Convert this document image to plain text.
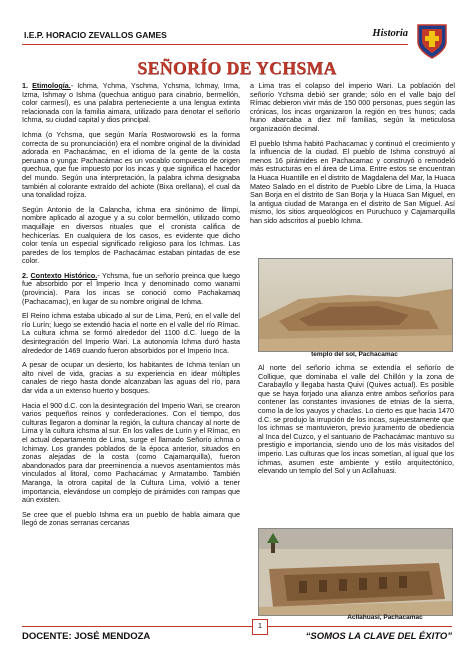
I.E.P. HORACIO ZEVALLOS GAMES	Historia
SEÑORÍO DE YCHSMA

1. Etimología.- Ichma, Ychma, Yschma, Ychsma, Ichmay, Irma, Izma, Ishmay o Ishma (quechua antiguo para cinabrio, bermellón, color carmesí), es una palabra perteneciente a una lengua extinta relacionada con la familia aimara, utilizado para denotar el señorío Ichma, su ciudad capital y dios principal.

Ichma (o Ychsma, que según María Rostworowski es la forma correcta de su pronunciación) era el nombre original de la divinidad adorada en Pachacámac, en el idioma de la gente de la costa peruana o yunga: Pachacámac es un vocablo compuesto de origen quechua, que fue impuesto por los incas y que significa el hacedor del mundo. Según una interpretación, la palabra ichma designaba también al colorante extraído del achiote (Bixa orellana), el cual da una tonalidad rojiza.

Según Antonio de la Calancha, ichma era sinónimo de llimpi, nombre aplicado al azogue y a su color bermellón, utilizado como maquillaje en diversos rituales que el cronista califica de hechicerías. En cualquiera de los casos, es evidente que dicho color tenía un especial significado religioso para los Ichmas. Las paredes de los templos de Pachacámac estaban pintadas de ese color.

2. Contexto Histórico.- Ychsma, fue un señorío preinca que luego fue absorbido por el Imperio Inca y denominado como wanami (provincia). Para los incas se conoció como Pachakamaq (Pachacamac), en lugar de su nombre original de Ichma.

El Reino ichma estaba ubicado al sur de Lima, Perú, en el valle del río Lurín; luego se extendió hacia el norte en el valle del río Rímac. La cultura ichma se formó alrededor del 1100 d.C. luego de la desintegración del Imperio Wari. La autonomía Ichma duró hasta alrededor de 1469 cuando fueron absorbidos por el Imperio Inca.

A pesar de ocupar un desierto, los habitantes de Ichma tenían un alto nivel de vida, gracias a su experiencia en idear múltiples canales de riego hasta donde alcanzaban las aguas del río, para dar vida a un extenso huerto y bosques.

Hacia el 900 d.C. con la desintegración del Imperio Wari, se crearon varios pequeños reinos y confederaciones. Con el tiempo, dos culturas llegaron a dominar la región, la cultura chancay al norte de Lima y la cultura ichsma al sur. En los valles de Lurín y el Rímac, en el actual departamento de Lima, surge el llamado Señorío ichma o Ichimay. Los grandes poblados de la época anterior, situados en zonas alejadas de la costa (como Cajamarquilla), fueron abandonados para dar preeminencia a nuevos asentamientos más vinculados al litoral, como Pachacámac y Armatambo. También Maranga, la otrora capital de la Cultura Lima, volvió a tener importancia, elevándose un complejo de pirámides con rampas que aún existen.

Se cree que el pueblo Ishma era un pueblo de habla aimara que llegó de zonas serranas cercanas

a Lima tras el colapso del imperio Wari. La población del señorío Ychsma debió ser grande; sólo en el valle bajo del Rímac debieron vivir más de 150 000 personas, pues según las crónicas, los incas organizaron la región en tres hunos; cada huno abarcaba a diez mil familias, según la meticulosa organización decimal.

El pueblo Ishma habitó Pachacamac y continuó el crecimiento y la influencia de la ciudad. El pueblo de Ishma construyó al menos 16 pirámides en Pachacamac y construyó o remodeló más estructuras en el área de Lima. Entre estos se encuentran la Huaca Huantille en el distrito de Magdalena del Mar, la Huaca Mateo Salado en el distrito de Pueblo Libre de Lima, la Huaca San Borja en el distrito de San Borja y la Huaca San Miguel, en la antigua ciudad de Maranga en el distrito de San Miguel. Así mismo, los sitios arqueológicos en Puruchuco y Cajamarquilla han sido adscritos al pueblo Ichma.

templo del sol, Pachacamac

Al norte del señorío ichma se extendía el señorío de Collique, que dominaba el valle del Chillón y la zona de Carabayllo y llegaba hasta Quivi (Quives actual). Es posible que se haya forjado una alianza entre ambos señoríos para contener las constantes invasiones de etnias de la sierra, como la de los yauyos y chaclas. Lo cierto es que hacia 1470 d.C. se produjo la irrupción de los incas, sujeuestamente que los ichmas se mantuvieron, previo juramento de obediencia al Inca del Cuzco, y el santuario de Pachacámac mantuvo su prestigio e importancia, siendo uno de los más visitados del imperio. Las culturas que los incas sometían, al igual que los ichmas, asumen este ambiente y estilo arquitectónico, elevando un templo del Sol y un Acllahuasi.

Acllahuasi, Pachacamac
DOCENTE: JOSÉ MENDOZA
1
“SOMOS LA CLAVE DEL ÉXITO”
